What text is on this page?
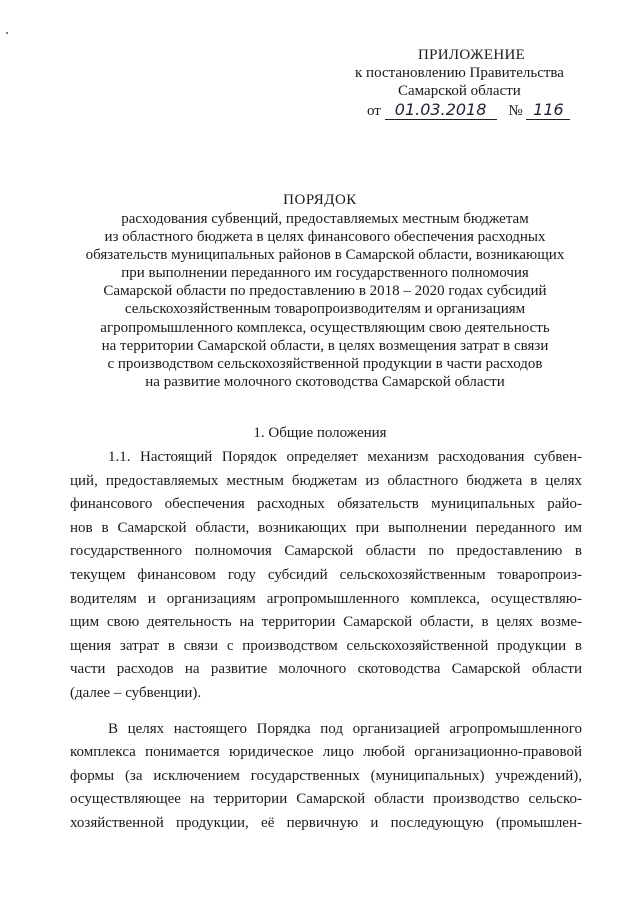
ПРИЛОЖЕНИЕ
к постановлению Правительства
Самарской области
от 01.03.2018 № 116
ПОРЯДОК
расходования субвенций, предоставляемых местным бюджетам
из областного бюджета в целях финансового обеспечения расходных
обязательств муниципальных районов в Самарской области, возникающих
при выполнении переданного им государственного полномочия
Самарской области по предоставлению в 2018 – 2020 годах субсидий
сельскохозяйственным товаропроизводителям и организациям
агропромышленного комплекса, осуществляющим свою деятельность
на территории Самарской области, в целях возмещения затрат в связи
с производством сельскохозяйственной продукции в части расходов
на развитие молочного скотоводства Самарской области
1. Общие положения
1.1. Настоящий Порядок определяет механизм расходования субвен-
ций, предоставляемых местным бюджетам из областного бюджета в целях
финансового обеспечения расходных обязательств муниципальных райо-
нов в Самарской области, возникающих при выполнении переданного им
государственного полномочия Самарской области по предоставлению в
текущем финансовом году субсидий сельскохозяйственным товаропроиз-
водителям и организациям агропромышленного комплекса, осуществляю-
щим свою деятельность на территории Самарской области, в целях возме-
щения затрат в связи с производством сельскохозяйственной продукции в
части расходов на развитие молочного скотоводства Самарской области
(далее – субвенции).
В целях настоящего Порядка под организацией агропромышленного
комплекса понимается юридическое лицо любой организационно-правовой
формы (за исключением государственных (муниципальных) учреждений),
осуществляющее на территории Самарской области производство сельско-
хозяйственной продукции, её первичную и последующую (промышлен-
